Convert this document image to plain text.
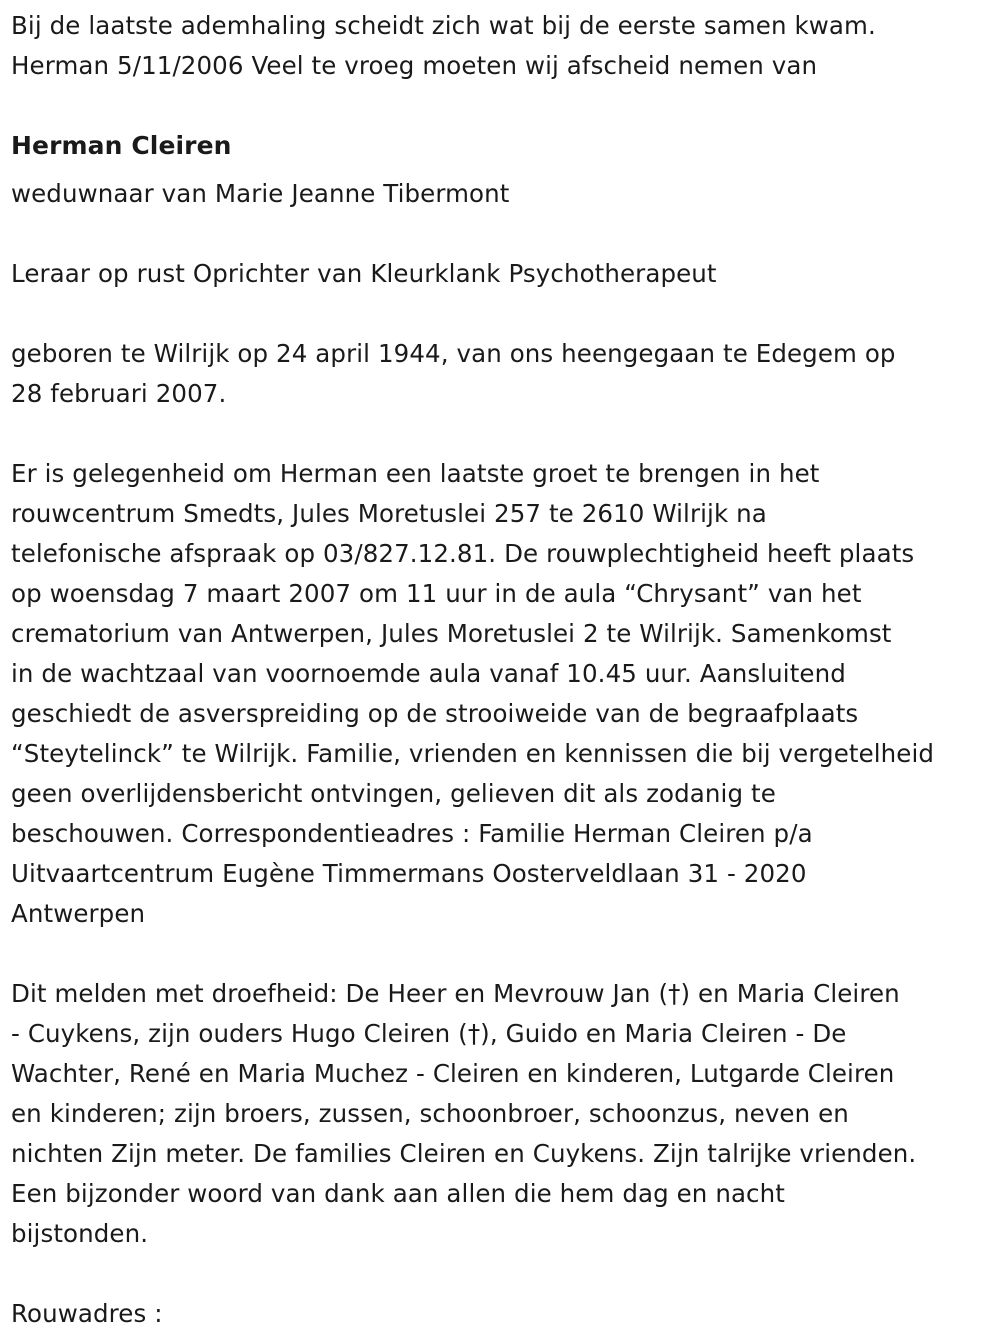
Bij de laatste ademhaling scheidt zich wat bij de eerste samen kwam.

Herman 5/11/2006 Veel te vroeg moeten wij afscheid nemen van

Herman Cleiren

weduwnaar van Marie Jeanne Tibermont

Leraar op rust Oprichter van Kleurklank Psychotherapeut

geboren te Wilrijk op 24 april 1944, van ons heengegaan te Edegem op

28 februari 2007.

Er is gelegenheid om Herman een laatste groet te brengen in het

rouwcentrum Smedts, Jules Moretuslei 257 te 2610 Wilrijk na

telefonische afspraak op 03/827.12.81. De rouwplechtigheid heeft plaats

op woensdag 7 maart 2007 om 11 uur in de aula “Chrysant” van het

crematorium van Antwerpen, Jules Moretuslei 2 te Wilrijk. Samenkomst

in de wachtzaal van voornoemde aula vanaf 10.45 uur. Aansluitend

geschiedt de asverspreiding op de strooiweide van de begraafplaats

“Steytelinck” te Wilrijk. Familie, vrienden en kennissen die bij vergetelheid

geen overlijdensbericht ontvingen, gelieven dit als zodanig te

beschouwen. Correspondentieadres : Familie Herman Cleiren p/a

Uitvaartcentrum Eugène Timmermans Oosterveldlaan 31 - 2020

Antwerpen

Dit melden met droefheid: De Heer en Mevrouw Jan (†) en Maria Cleiren

- Cuykens, zijn ouders Hugo Cleiren (†), Guido en Maria Cleiren - De

Wachter, René en Maria Muchez - Cleiren en kinderen, Lutgarde Cleiren

en kinderen; zijn broers, zussen, schoonbroer, schoonzus, neven en

nichten Zijn meter. De families Cleiren en Cuykens. Zijn talrijke vrienden.

Een bijzonder woord van dank aan allen die hem dag en nacht

bijstonden.

Rouwadres :
